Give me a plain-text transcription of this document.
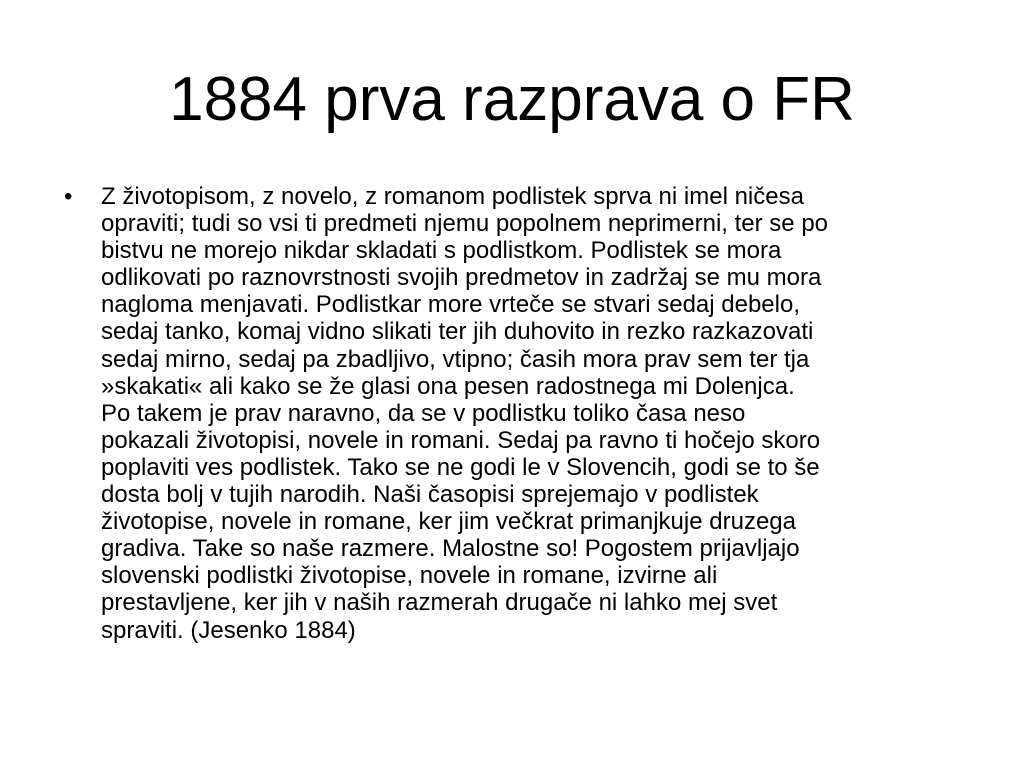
1884 prva razprava o FR
• Z životopisom, z novelo, z romanom podlistek sprva ni imel ničesa
opraviti; tudi so vsi ti predmeti njemu popolnem neprimerni, ter se po
bistvu ne morejo nikdar skladati s podlistkom. Podlistek se mora
odlikovati po raznovrstnosti svojih predmetov in zadržaj se mu mora
nagloma menjavati. Podlistkar more vrteče se stvari sedaj debelo,
sedaj tanko, komaj vidno slikati ter jih duhovito in rezko razkazovati
sedaj mirno, sedaj pa zbadljivo, vtipno; časih mora prav sem ter tja
»skakati« ali kako se že glasi ona pesen radostnega mi Dolenjca.
Po takem je prav naravno, da se v podlistku toliko časa neso
pokazali životopisi, novele in romani. Sedaj pa ravno ti hočejo skoro
poplaviti ves podlistek. Tako se ne godi le v Slovencih, godi se to še
dosta bolj v tujih narodih. Naši časopisi sprejemajo v podlistek
životopise, novele in romane, ker jim večkrat primanjkuje druzega
gradiva. Take so naše razmere. Malostne so! Pogostem prijavljajo
slovenski podlistki životopise, novele in romane, izvirne ali
prestavljene, ker jih v naših razmerah drugače ni lahko mej svet
spraviti. (Jesenko 1884)
